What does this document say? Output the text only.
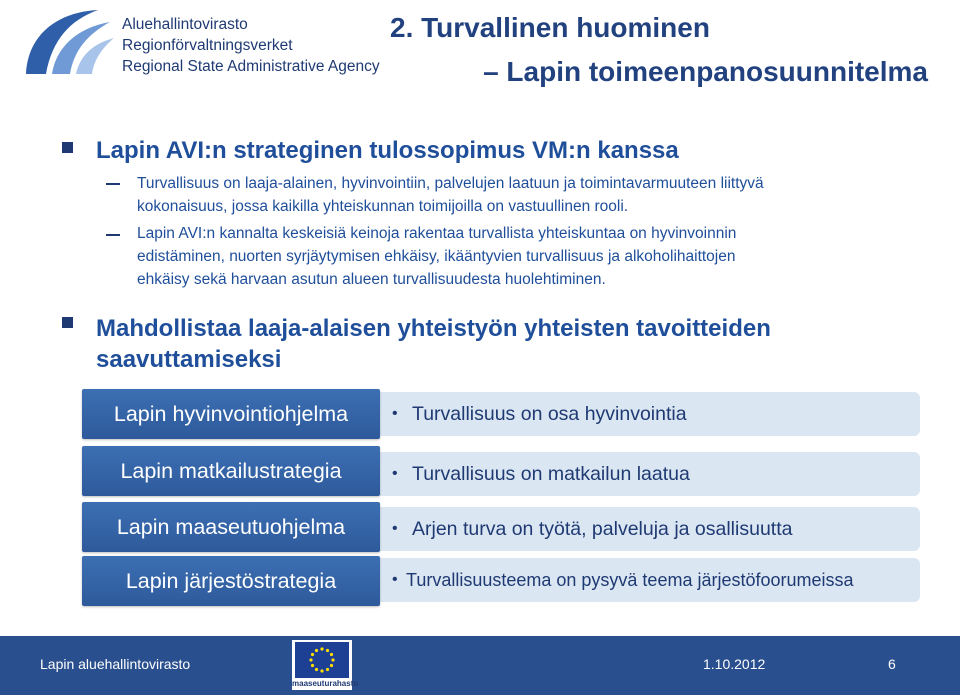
Aluehallintovirasto
Regionförvaltningsverket
Regional State Administrative Agency
2. Turvallinen huominen
– Lapin toimeenpanosuunnitelma
Lapin AVI:n strateginen tulossopimus VM:n kanssa
Turvallisuus on laaja-alainen, hyvinvointiin, palvelujen laatuun ja toimintavarmuuteen liittyvä
kokonaisuus, jossa kaikilla yhteiskunnan toimijoilla on vastuullinen rooli.
Lapin AVI:n kannalta keskeisiä keinoja rakentaa turvallista yhteiskuntaa on hyvinvoinnin
edistäminen, nuorten syrjäytymisen ehkäisy, ikääntyvien turvallisuus ja alkoholihaittojen
ehkäisy sekä harvaan asutun alueen turvallisuudesta huolehtiminen.
Mahdollistaa laaja-alaisen yhteistyön yhteisten tavoitteiden
saavuttamiseksi
• Turvallisuus on osa hyvinvointia
Lapin hyvinvointiohjelma
• Turvallisuus on matkailun laatua
Lapin matkailustrategia
• Arjen turva on työtä, palveluja ja osallisuutta
Lapin maaseutuohjelma
• Turvallisuusteema on pysyvä teema järjestöfoorumeissa
Lapin järjestöstrategia
Lapin aluehallintovirasto
maaseuturahasto
1.10.2012	6
